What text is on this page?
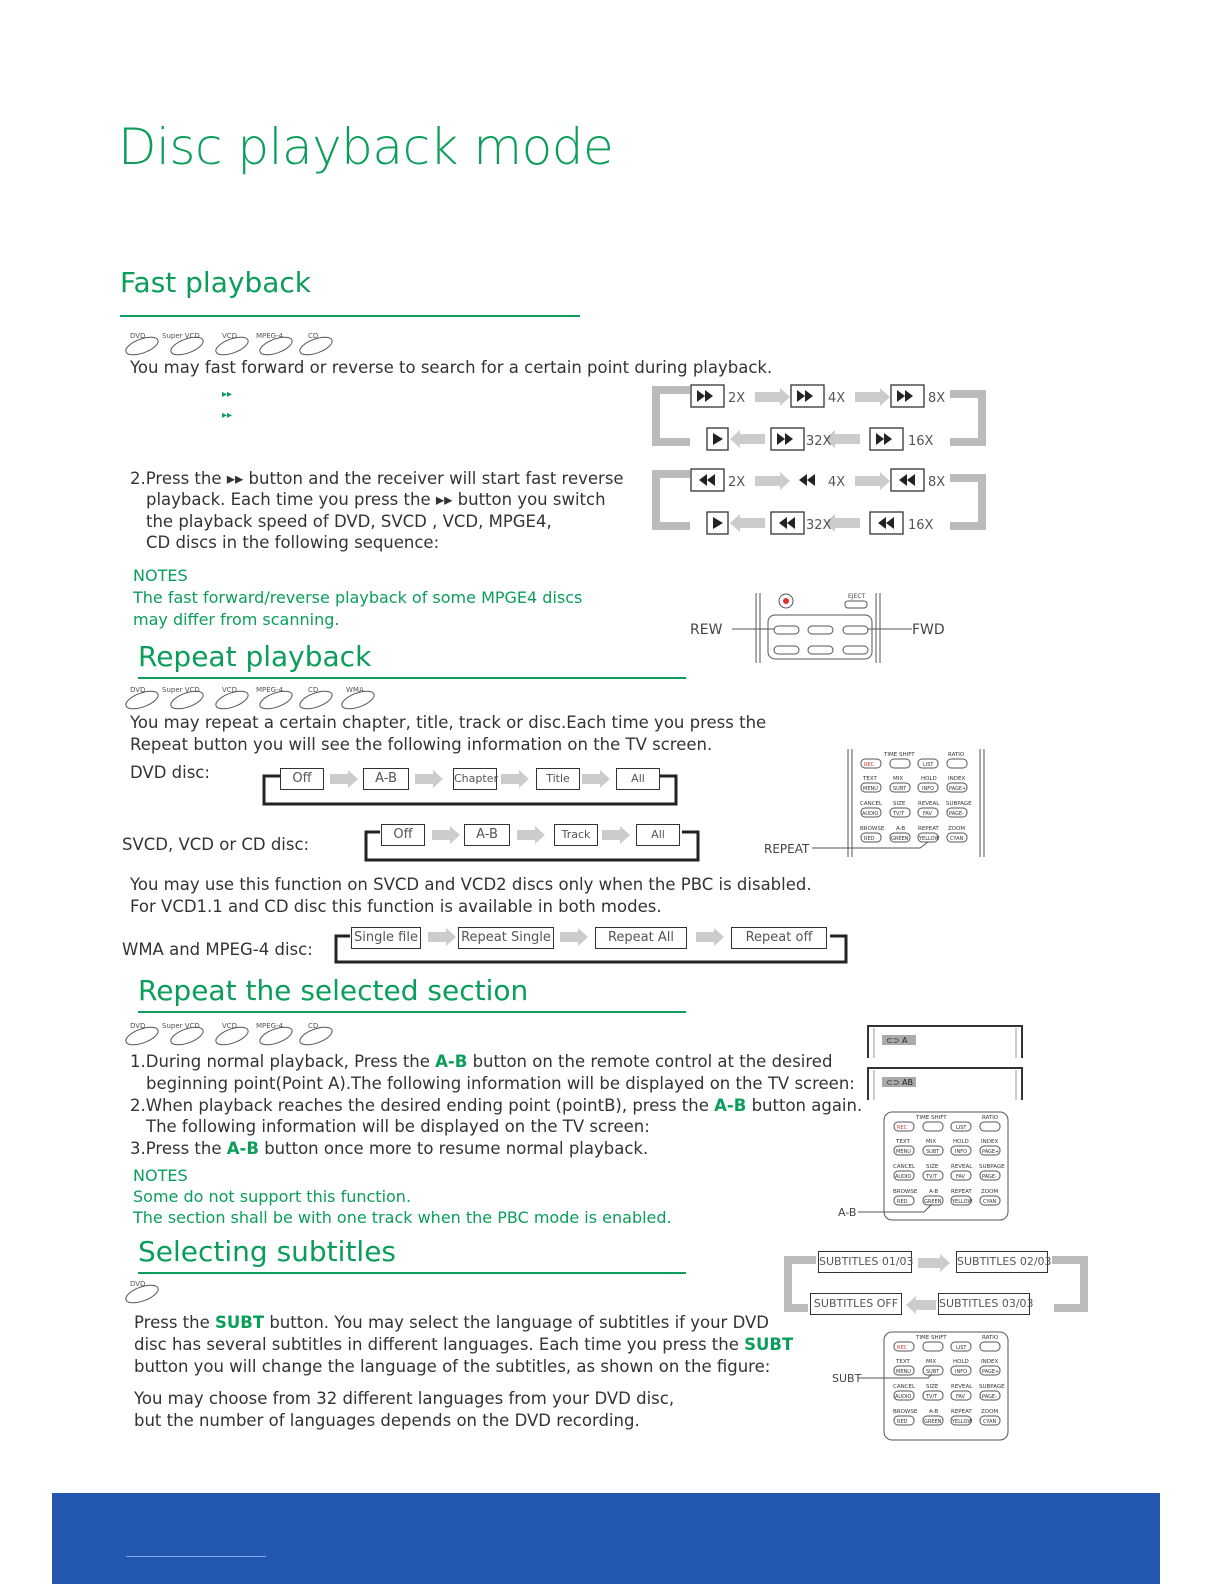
Disc playback mode
Fast playback
DVD Super VCD	VCD	MPEG-4	CD
You may fast forward or reverse to search for a certain point during playback.
▸▸
▸▸
2.Press the ▸▸ button and the receiver will start fast reverse
playback. Each time you press the ▸▸ button you switch
the playback speed of DVD, SVCD , VCD, MPGE4,
CD discs in the following sequence:
NOTES
The fast forward/reverse playback of some MPGE4 discs
may differ from scanning.
2X	4X	8X
16X
32X
2X	4X	8X
16X
32X
EJECT
REW	FWD
Repeat playback
DVD Super VCD	VCD	MPEG-4	CD	WMA
You may repeat a certain chapter, title, track or disc.Each time you press the
Repeat button you will see the following information on the TV screen.
DVD disc:	Off	A-B	Chapter	Title	All
SVCD, VCD or CD disc:
Off	A-B	Track	All
You may use this function on SVCD and VCD2 discs only when the PBC is disabled.
For VCD1.1 and CD disc this function is available in both modes.
WMA and MPEG-4 disc:
Single file	Repeat Single	Repeat All	Repeat off
TIME SHIFT	RATIO
TEXT	MIX	HOLD INDEX
CANCEL SIZE REVEAL SUBPAGE
BROWSE A-B REPEAT ZOOM
REC	LIST
MENU	SUBT	INFO	PAGE+
AUDIO	TV/T	FAV	PAGE-
RED	GREEN YELLOW CYAN
REPEAT
Repeat the selected section
DVD Super VCD	VCD	MPEG-4	CD
1.During normal playback, Press the A-B button on the remote control at the desired
beginning point(Point A).The following information will be displayed on the TV screen:
2.When playback reaches the desired ending point (pointB), press the A-B button again.
The following information will be displayed on the TV screen:
3.Press the A-B button once more to resume normal playback.
NOTES
Some do not support this function.
The section shall be with one track when the PBC mode is enabled.
⊂⊃ A
⊂⊃ AB
TIME SHIFT	RATIO
TEXT	MIX	HOLD INDEX
CANCEL SIZE REVEAL SUBPAGE
BROWSE A-B REPEAT ZOOM
REC	LIST
MENU	SUBT	INFO	PAGE+
AUDIO	TV/T	FAV	PAGE-
RED	GREEN YELLOW CYAN
A-B
Selecting subtitles
DVD
Press the SUBT button. You may select the language of subtitles if your DVD
disc has several subtitles in different languages. Each time you press the SUBT
button you will change the language of the subtitles, as shown on the figure:
You may choose from 32 different languages from your DVD disc,
but the number of languages depends on the DVD recording.
SUBTITLES 01/03	SUBTITLES 02/03
SUBTITLES 03/03
SUBTITLES OFF
TIME SHIFT	RATIO
TEXT	MIX	HOLD INDEX
CANCEL SIZE REVEAL SUBPAGE
BROWSE A-B REPEAT ZOOM
REC	LIST
MENU	SUBT	INFO	PAGE+
AUDIO	TV/T	FAV	PAGE-
RED	GREEN YELLOW CYAN
SUBT
